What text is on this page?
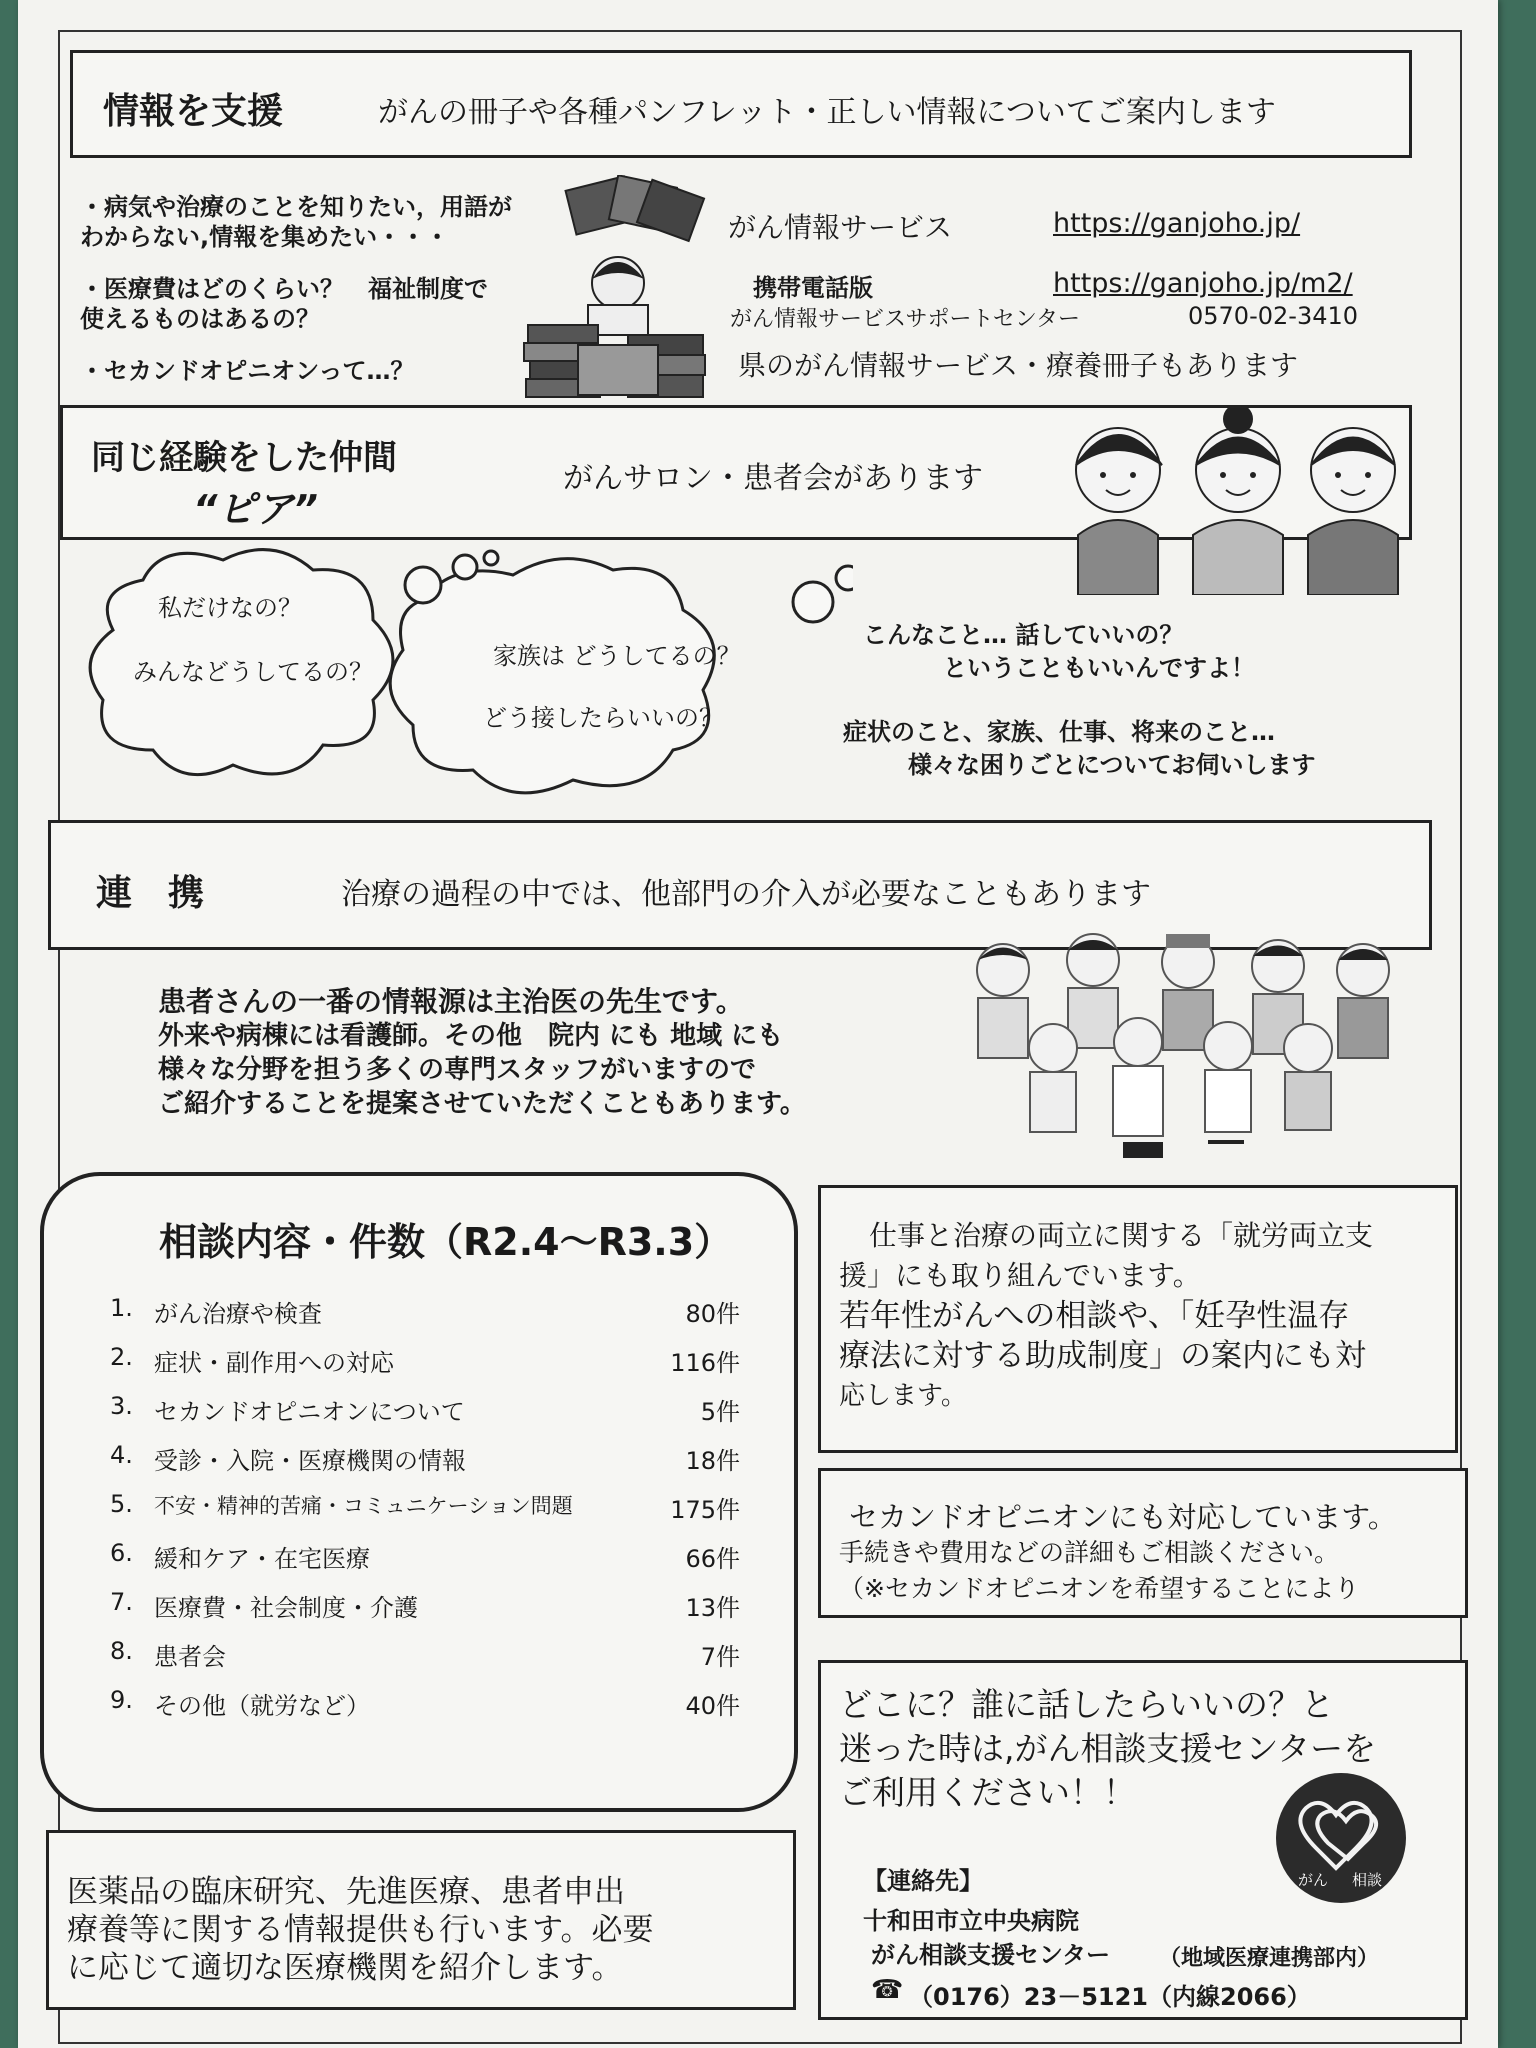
情報を支援	がんの冊子や各種パンフレット・正しい情報についてご案内します
・病気や治療のことを知りたい，用語が
わからない,情報を集めたい・・・
・医療費はどのくらい？　福祉制度で
使えるものはあるの？
・セカンドオピニオンって…？
がん情報サービス	https://ganjoho.jp/
携帯電話版	https://ganjoho.jp/m2/
がん情報サービスサポートセンター	0570-02-3410
県のがん情報サービス・療養冊子もあります
同じ経験をした仲間
“ピア”
がんサロン・患者会があります
私だけなの？
みんなどうしてるの？
家族は どうしてるの？
どう接したらいいの？
こんなこと… 話していいの？
ということもいいんですよ！
症状のこと、家族、仕事、将来のこと…
様々な困りごとについてお伺いします
連　携	治療の過程の中では、他部門の介入が必要なこともあります
患者さんの一番の情報源は主治医の先生です。
外来や病棟には看護師。その他　院内 にも 地域 にも
様々な分野を担う多くの専門スタッフがいますので
ご紹介することを提案させていただくこともあります。
相談内容・件数（R2.4～R3.3）
1. がん治療や検査	80件
2. 症状・副作用への対応	116件
3. セカンドオピニオンについて	5件
4. 受診・入院・医療機関の情報	18件
5.	不安・精神的苦痛・コミュニケーション問題	175件
6. 緩和ケア・在宅医療	66件
7. 医療費・社会制度・介護	13件
8. 患者会	7件
9. その他（就労など）	40件
医薬品の臨床研究、先進医療、患者申出
療養等に関する情報提供も行います。必要
に応じて適切な医療機関を紹介します。
仕事と治療の両立に関する「就労両立支
援」にも取り組んでいます。
若年性がんへの相談や、「妊孕性温存
療法に対する助成制度」の案内にも対
応します。
セカンドオピニオンにも対応しています。
手続きや費用などの詳細もご相談ください。
（※セカンドオピニオンを希望することにより
どこに？誰に話したらいいの？と
迷った時は,がん相談支援センターを
ご利用ください！！
【連絡先】
十和田市立中央病院
がん相談支援センター （地域医療連携部内）
☎ （0176）23－5121（内線2066）
がん 相談
